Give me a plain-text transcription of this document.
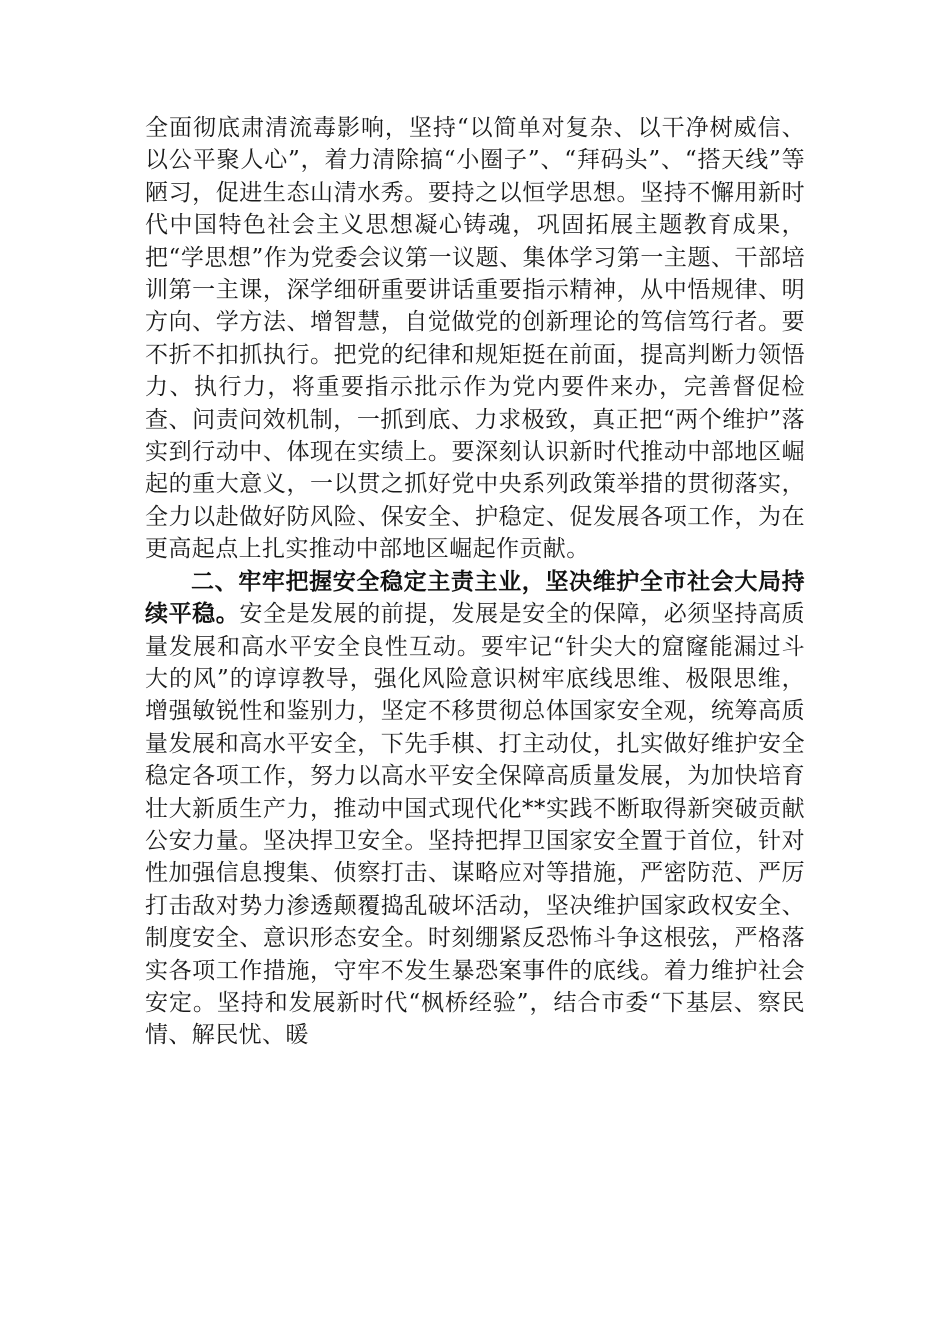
全面彻底肃清流毒影响，坚持“以简单对复杂、以干净树威信、以公平聚人心”，着力清除搞“小圈子”、“拜码头”、“搭天线”等陋习，促进生态山清水秀。要持之以恒学思想。坚持不懈用新时代中国特色社会主义思想凝心铸魂，巩固拓展主题教育成果，把“学思想”作为党委会议第一议题、集体学习第一主题、干部培训第一主课，深学细研重要讲话重要指示精神，从中悟规律、明方向、学方法、增智慧，自觉做党的创新理论的笃信笃行者。要不折不扣抓执行。把党的纪律和规矩挺在前面，提高判断力领悟力、执行力，将重要指示批示作为党内要件来办，完善督促检查、问责问效机制，一抓到底、力求极致，真正把“两个维护”落实到行动中、体现在实绩上。要深刻认识新时代推动中部地区崛起的重大意义，一以贯之抓好党中央系列政策举措的贯彻落实，全力以赴做好防风险、保安全、护稳定、促发展各项工作，为在更高起点上扎实推动中部地区崛起作贡献。

二、牢牢把握安全稳定主责主业，坚决维护全市社会大局持续平稳。安全是发展的前提，发展是安全的保障，必须坚持高质量发展和高水平安全良性互动。要牢记“针尖大的窟窿能漏过斗大的风”的谆谆教导，强化风险意识树牢底线思维、极限思维，增强敏锐性和鉴别力，坚定不移贯彻总体国家安全观，统筹高质量发展和高水平安全，下先手棋、打主动仗，扎实做好维护安全稳定各项工作，努力以高水平安全保障高质量发展，为加快培育壮大新质生产力，推动中国式现代化**实践不断取得新突破贡献公安力量。坚决捍卫安全。坚持把捍卫国家安全置于首位，针对性加强信息搜集、侦察打击、谋略应对等措施，严密防范、严厉打击敌对势力渗透颠覆捣乱破坏活动，坚决维护国家政权安全、制度安全、意识形态安全。时刻绷紧反恐怖斗争这根弦，严格落实各项工作措施，守牢不发生暴恐案事件的底线。着力维护社会安定。坚持和发展新时代“枫桥经验”，结合市委“下基层、察民情、解民忧、暖
